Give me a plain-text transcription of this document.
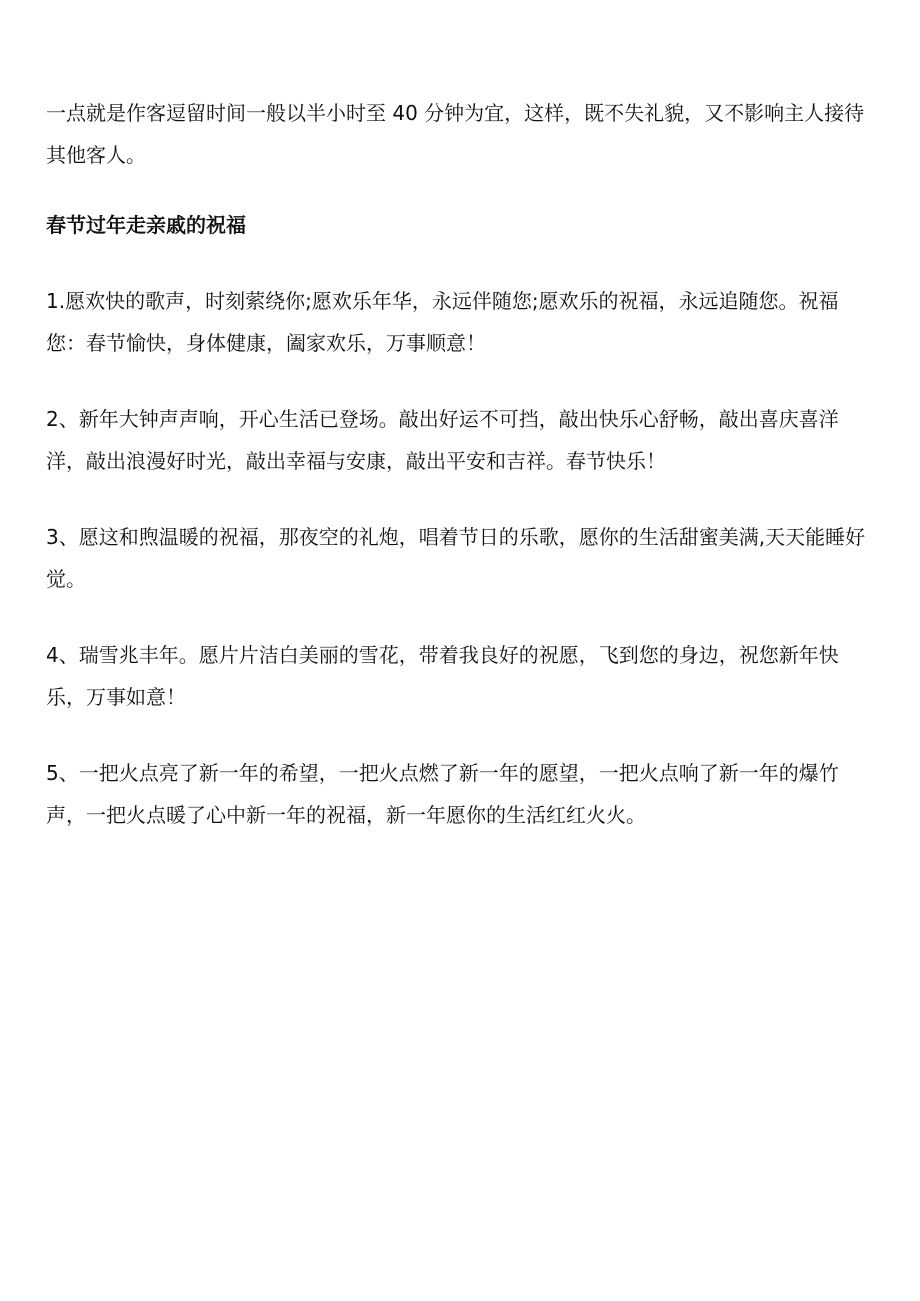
一点就是作客逗留时间一般以半小时至 40 分钟为宜，这样，既不失礼貌，又不影响主人接待其他客人。

春节过年走亲戚的祝福

1.愿欢快的歌声，时刻萦绕你;愿欢乐年华，永远伴随您;愿欢乐的祝福，永远追随您。祝福您：春节愉快，身体健康，阖家欢乐，万事顺意！

2、新年大钟声声响，开心生活已登场。敲出好运不可挡，敲出快乐心舒畅，敲出喜庆喜洋洋，敲出浪漫好时光，敲出幸福与安康，敲出平安和吉祥。春节快乐！

3、愿这和煦温暖的祝福，那夜空的礼炮，唱着节日的乐歌，愿你的生活甜蜜美满,天天能睡好觉。

4、瑞雪兆丰年。愿片片洁白美丽的雪花，带着我良好的祝愿，飞到您的身边，祝您新年快乐，万事如意！

5、一把火点亮了新一年的希望，一把火点燃了新一年的愿望，一把火点响了新一年的爆竹声，一把火点暖了心中新一年的祝福，新一年愿你的生活红红火火。
